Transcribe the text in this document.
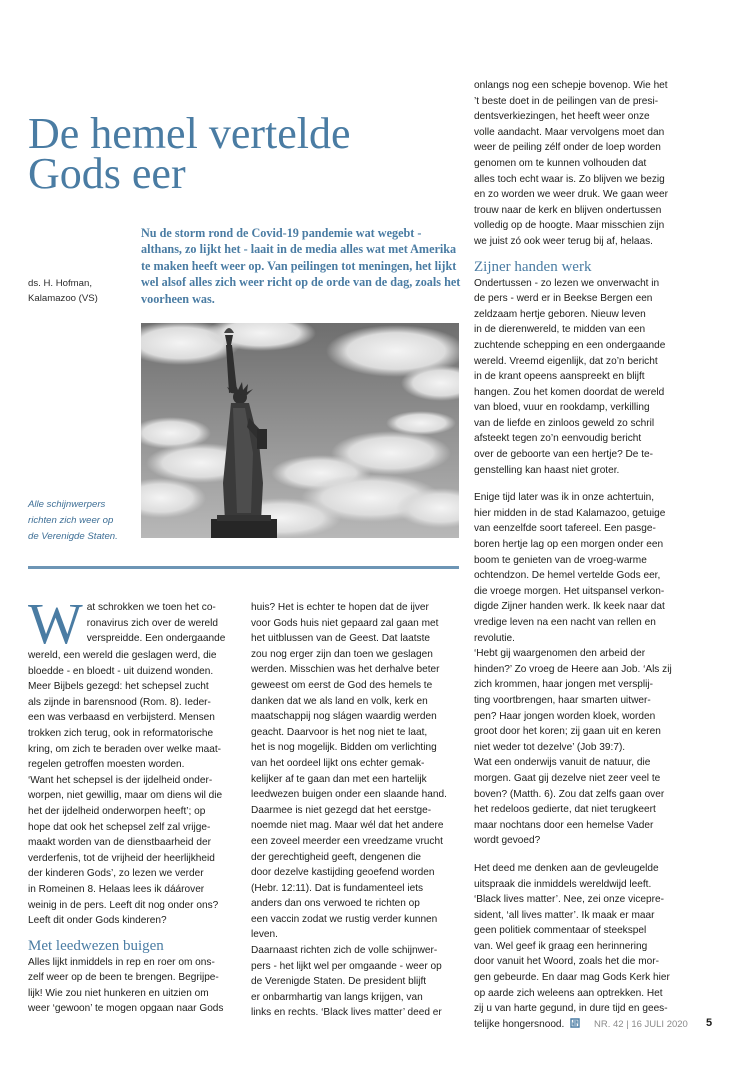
De hemel vertelde
Gods eer

Nu de storm rond de Covid-19 pandemie wat wegebt - althans, zo lijkt het - laait in de media alles wat met Amerika te maken heeft weer op. Van peilingen tot meningen, het lijkt wel alsof alles zich weer richt op de orde van de dag, zoals het voorheen was.

ds. H. Hofman,
Kalamazoo (VS)
Alle schijnwerpers
richten zich weer op
de Verenigde Staten.
W at schrokken we toen het co-
ronavirus zich over de wereld
verspreidde. Een ondergaande
wereld, een wereld die geslagen werd, die
bloedde - en bloedt - uit duizend wonden.
Meer Bijbels gezegd: het schepsel zucht
als zijnde in barensnood (Rom. 8). Ieder-
een was verbaasd en verbijsterd. Mensen
trokken zich terug, ook in reformatorische
kring, om zich te beraden over welke maat-
regelen getroffen moesten worden.
‘Want het schepsel is der ijdelheid onder-
worpen, niet gewillig, maar om diens wil die
het der ijdelheid onderworpen heeft’; op
hope dat ook het schepsel zelf zal vrijge-
maakt worden van de dienstbaarheid der
verderfenis, tot de vrijheid der heerlijkheid
der kinderen Gods’, zo lezen we verder
in Romeinen 8. Helaas lees ik dáárover
weinig in de pers. Leeft dit nog onder ons?
Leeft dit onder Gods kinderen?
Met leedwezen buigen
Alles lijkt inmiddels in rep en roer om ons-
zelf weer op de been te brengen. Begrijpe-
lijk! Wie zou niet hunkeren en uitzien om
weer ‘gewoon’ te mogen opgaan naar Gods
huis? Het is echter te hopen dat de ijver
voor Gods huis niet gepaard zal gaan met
het uitblussen van de Geest. Dat laatste
zou nog erger zijn dan toen we geslagen
werden. Misschien was het derhalve beter
geweest om eerst de God des hemels te
danken dat we als land en volk, kerk en
maatschappij nog slágen waardig werden
geacht. Daarvoor is het nog niet te laat,
het is nog mogelijk. Bidden om verlichting
van het oordeel lijkt ons echter gemak-
kelijker af te gaan dan met een hartelijk
leedwezen buigen onder een slaande hand.
Daarmee is niet gezegd dat het eerstge-
noemde niet mag. Maar wél dat het andere
een zoveel meerder een vreedzame vrucht
der gerechtigheid geeft, dengenen die
door dezelve kastijding geoefend worden
(Hebr. 12:11). Dat is fundamenteel iets
anders dan ons verwoed te richten op
een vaccin zodat we rustig verder kunnen
leven.
Daarnaast richten zich de volle schijnwer-
pers - het lijkt wel per omgaande - weer op
de Verenigde Staten. De president blijft
er onbarmhartig van langs krijgen, van
links en rechts. ‘Black lives matter’ deed er
onlangs nog een schepje bovenop. Wie het
’t beste doet in de peilingen van de presi-
dentsverkiezingen, het heeft weer onze
volle aandacht. Maar vervolgens moet dan
weer de peiling zélf onder de loep worden
genomen om te kunnen volhouden dat
alles toch echt waar is. Zo blijven we bezig
en zo worden we weer druk. We gaan weer
trouw naar de kerk en blijven ondertussen
volledig op de hoogte. Maar misschien zijn
we juist zó ook weer terug bij af, helaas.
Zijner handen werk
Ondertussen - zo lezen we onverwacht in
de pers - werd er in Beekse Bergen een
zeldzaam hertje geboren. Nieuw leven
in de dierenwereld, te midden van een
zuchtende schepping en een ondergaande
wereld. Vreemd eigenlijk, dat zo’n bericht
in de krant opeens aanspreekt en blijft
hangen. Zou het komen doordat de wereld
van bloed, vuur en rookdamp, verkilling
van de liefde en zinloos geweld zo schril
afsteekt tegen zo’n eenvoudig bericht
over de geboorte van een hertje? De te-
genstelling kan haast niet groter.
Enige tijd later was ik in onze achtertuin,
hier midden in de stad Kalamazoo, getuige
van eenzelfde soort tafereel. Een pasge-
boren hertje lag op een morgen onder een
boom te genieten van de vroeg-warme
ochtendzon. De hemel vertelde Gods eer,
die vroege morgen. Het uitspansel verkon-
digde Zijner handen werk. Ik keek naar dat
vredige leven na een nacht van rellen en
revolutie.
‘Hebt gij waargenomen den arbeid der
hinden?’ Zo vroeg de Heere aan Job. ‘Als zij
zich krommen, haar jongen met versplij-
ting voortbrengen, haar smarten uitwer-
pen? Haar jongen worden kloek, worden
groot door het koren; zij gaan uit en keren
niet weder tot dezelve’ (Job 39:7).
Wat een onderwijs vanuit de natuur, die
morgen. Gaat gij dezelve niet zeer veel te
boven? (Matth. 6). Zou dat zelfs gaan over
het redeloos gedierte, dat niet terugkeert
maar nochtans door een hemelse Vader
wordt gevoed?
Het deed me denken aan de gevleugelde
uitspraak die inmiddels wereldwijd leeft.
‘Black lives matter’. Nee, zei onze vicepre-
sident, ‘all lives matter’. Ik maak er maar
geen politiek commentaar of steekspel
van. Wel geef ik graag een herinnering
door vanuit het Woord, zoals het die mor-
gen gebeurde. En daar mag Gods Kerk hier
op aarde zich weleens aan optrekken. Het
zij u van harte gegund, in dure tijd en gees-
telijke hongersnood.	NR. 42 | 16 JULI 2020 5
